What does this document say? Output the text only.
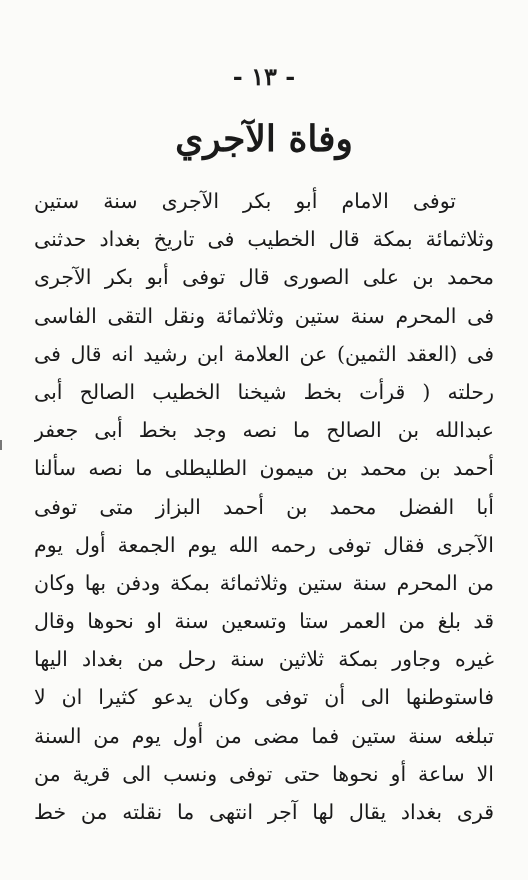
- ١٣ -
وفاة الآجري
توفى الامام أبو بكر الآجرى سنة ستين
وثلاثمائة بمكة قال الخطيب فى تاريخ بغداد حدثنى
محمد بن على الصورى قال توفى أبو بكر الآجرى
فى المحرم سنة ستين وثلاثمائة ونقل التقى الفاسى
فى (العقد الثمين) عن العلامة ابن رشيد انه قال فى
رحلته ( قرأت بخط شيخنا الخطيب الصالح أبى
عبدالله بن الصالح ما نصه وجد بخط أبى جعفر
أحمد بن محمد بن ميمون الطليطلى ما نصه سألنا
أبا الفضل محمد بن أحمد البزاز متى توفى
الآجرى فقال توفى رحمه الله يوم الجمعة أول يوم
من المحرم سنة ستين وثلاثمائة بمكة ودفن بها وكان
قد بلغ من العمر ستا وتسعين سنة او نحوها وقال
غيره وجاور بمكة ثلاثين سنة رحل من بغداد اليها
فاستوطنها الى أن توفى وكان يدعو كثيرا ان لا
تبلغه سنة ستين فما مضى من أول يوم من السنة
الا ساعة أو نحوها حتى توفى ونسب الى قرية من
قرى بغداد يقال لها آجر انتهى ما نقلته من خط
